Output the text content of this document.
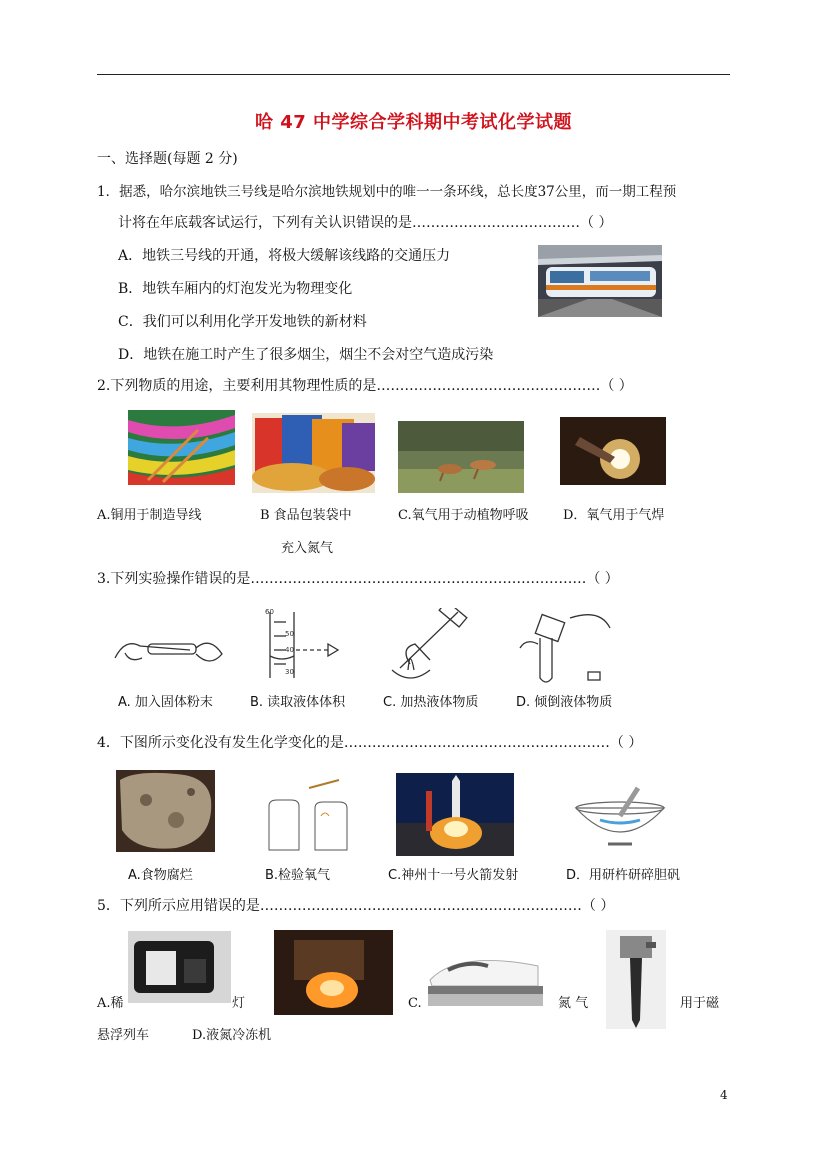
哈 47 中学综合学科期中考试化学试题
一、选择题(每题 2 分)
1．据悉，哈尔滨地铁三号线是哈尔滨地铁规划中的唯一一条环线，总长度37公里，而一期工程预
计将在年底载客试运行，下列有关认识错误的是………………………………（ ）
A．地铁三号线的开通，将极大缓解该线路的交通压力
B．地铁车厢内的灯泡发光为物理变化
C．我们可以利用化学开发地铁的新材料
D．地铁在施工时产生了很多烟尘，烟尘不会对空气造成污染
2.下列物质的用途，主要利用其物理性质的是…………………………………………（ ）
A.铜用于制造导线	B 食品包装袋中
充入氮气
C.氧气用于动植物呼吸	D．氧气用于气焊
3.下列实验操作错误的是………………………………………………………………（ ）
60
50
40
30
A. 加入固体粉末	B. 读取液体体积	C. 加热液体物质	D. 倾倒液体物质
4．下图所示变化没有发生化学变化的是…………………………………………………（ ）
A.食物腐烂	B.检验氧气	C.神州十一号火箭发射	D．用研杵研碎胆矾
5．下列所示应用错误的是……………………………………………………………（ ）
A.稀	灯	C.	氮 气	用于磁
悬浮列车	D.液氮冷冻机
4
